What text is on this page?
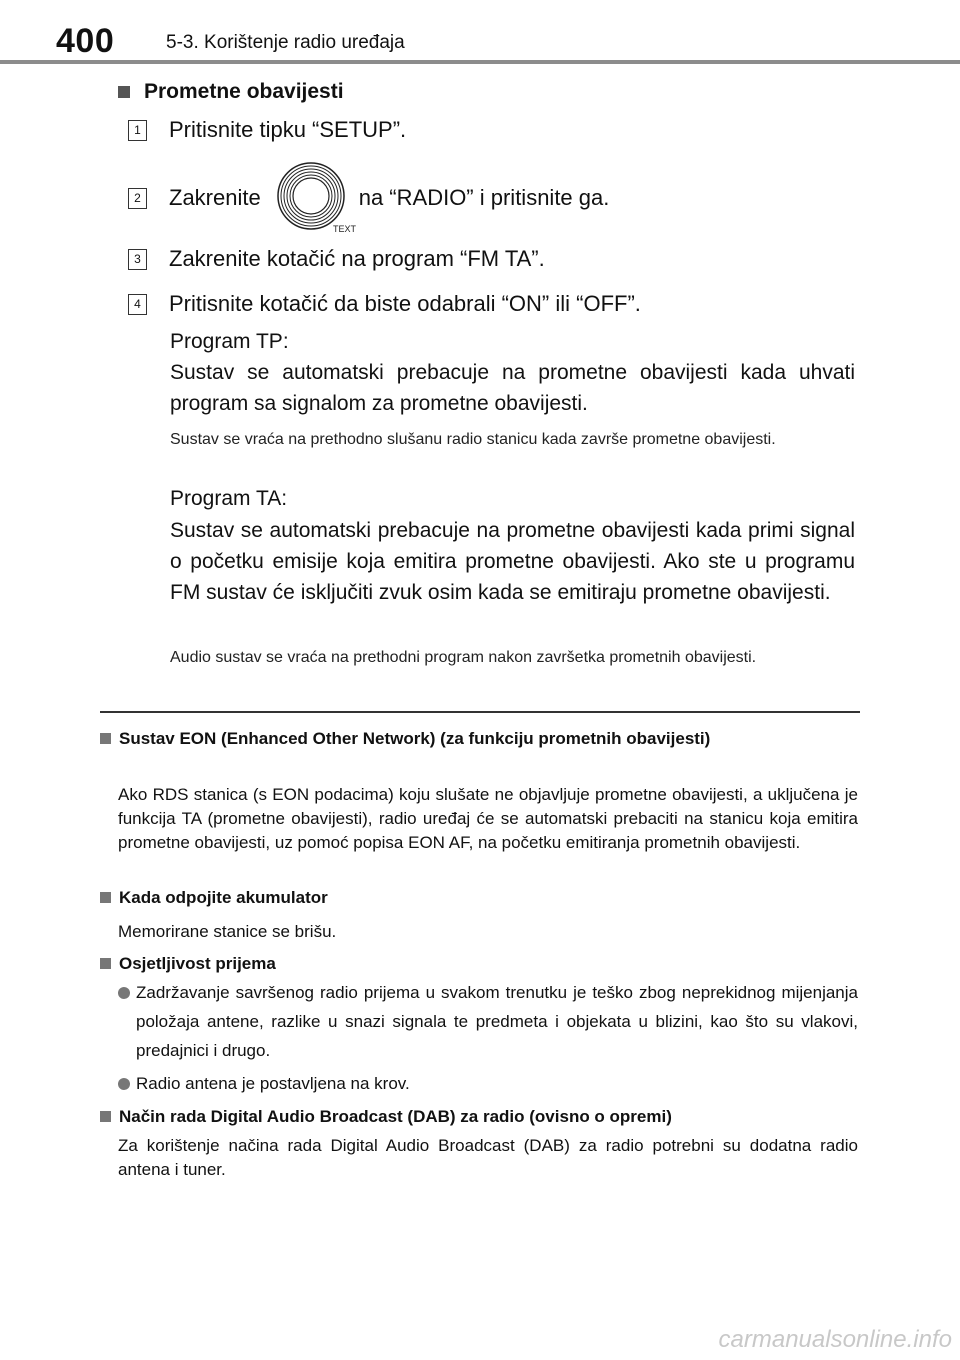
400	5-3. Korištenje radio uređaja
Prometne obavijesti
1 Pritisnite tipku “SETUP”.
2 Zakrenite
TEXT
na “RADIO” i pritisnite ga.
3 Zakrenite kotačić na program “FM TA”.
4 Pritisnite kotačić da biste odabrali “ON” ili “OFF”.
Program TP:
Sustav se automatski prebacuje na prometne obavijesti kada uhvati program sa signalom za prometne obavijesti.
Sustav se vraća na prethodno slušanu radio stanicu kada završe prometne obavijesti.
Program TA:
Sustav se automatski prebacuje na prometne obavijesti kada primi signal o početku emisije koja emitira prometne obavijesti. Ako ste u programu FM sustav će isključiti zvuk osim kada se emitiraju prometne obavijesti.
Audio sustav se vraća na prethodni program nakon završetka prometnih obavijesti.
Sustav EON (Enhanced Other Network) (za funkciju prometnih obavijesti)
Ako RDS stanica (s EON podacima) koju slušate ne objavljuje prometne obavijesti, a uključena je funkcija TA (prometne obavijesti), radio uređaj će se automatski prebaciti na stanicu koja emitira prometne obavijesti, uz pomoć popisa EON AF, na početku emitiranja prometnih obavijesti.
Kada odpojite akumulator
Memorirane stanice se brišu.
Osjetljivost prijema
Zadržavanje savršenog radio prijema u svakom trenutku je teško zbog neprekidnog mijenjanja položaja antene, razlike u snazi signala te predmeta i objekata u blizini, kao što su vlakovi, predajnici i drugo.
Radio antena je postavljena na krov.
Način rada Digital Audio Broadcast (DAB) za radio (ovisno o opremi)
Za korištenje načina rada Digital Audio Broadcast (DAB) za radio potrebni su dodatna radio antena i tuner.
carmanualsonline.info
